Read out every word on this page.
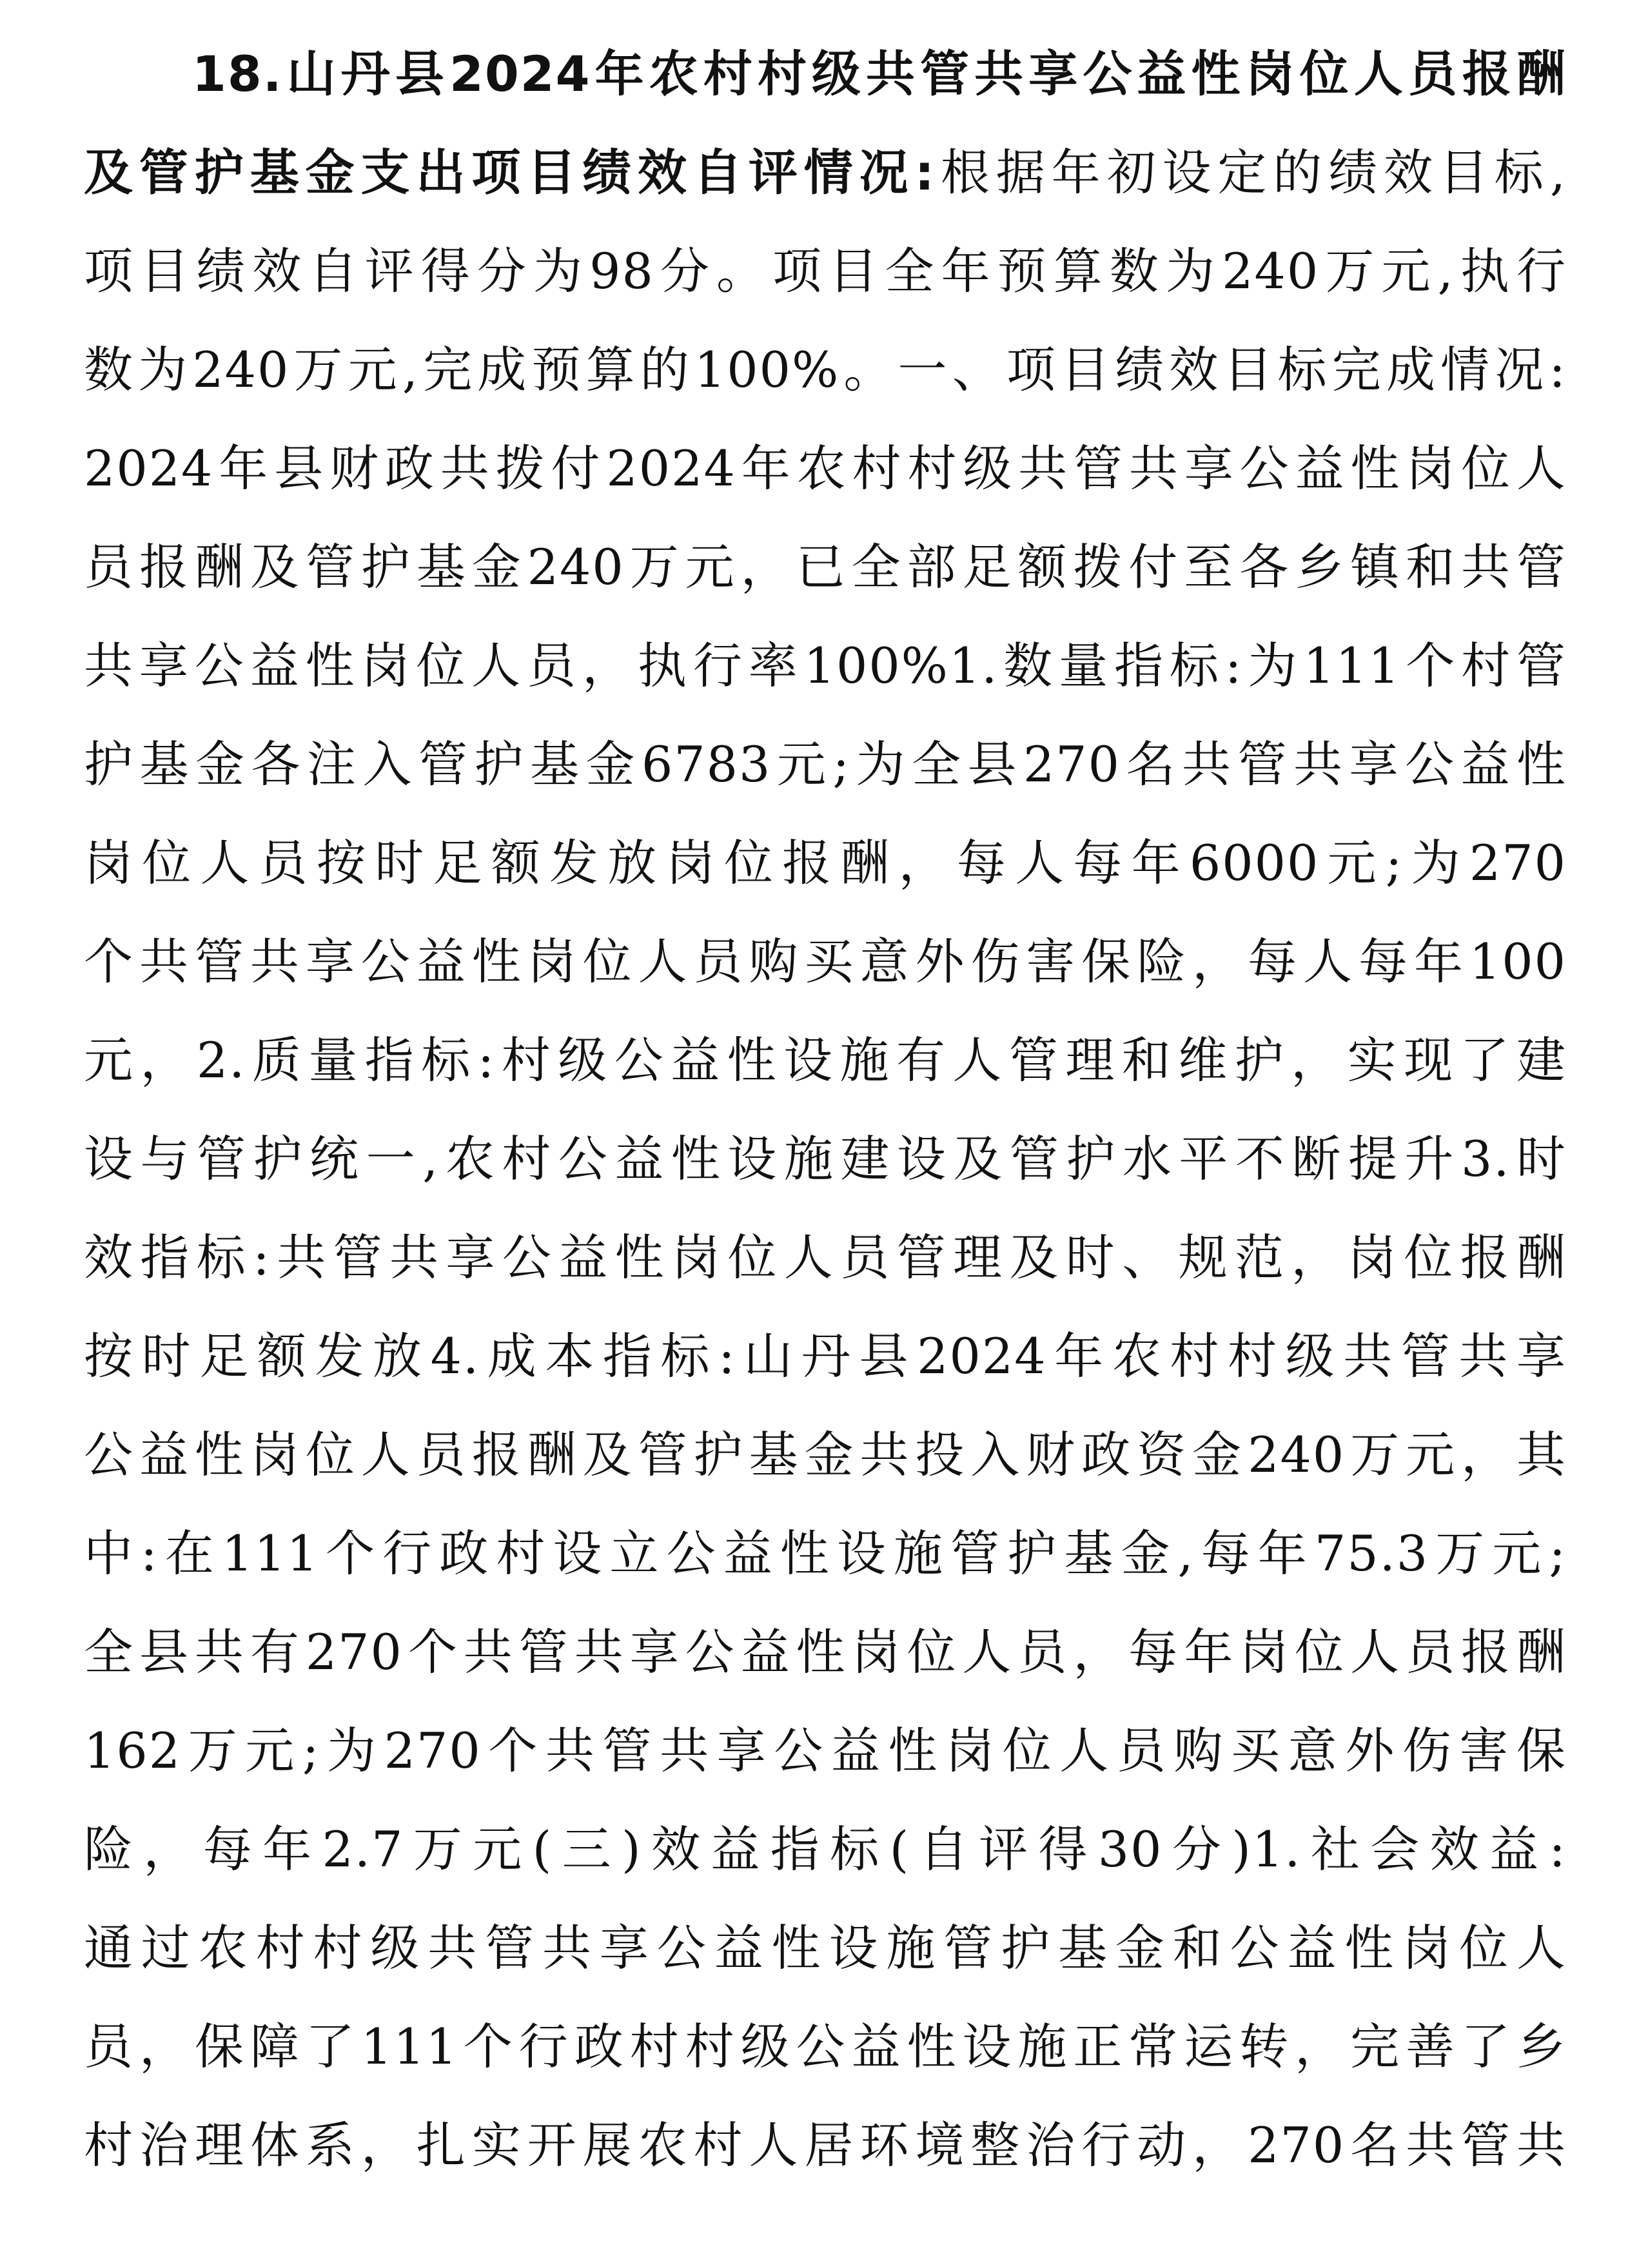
18.山丹县2024年农村村级共管共享公益性岗位人员报酬
及管护基金支出项目绩效自评情况:根据年初设定的绩效目标,
项目绩效自评得分为98分。项目全年预算数为240万元,执行
数为240万元,完成预算的100%。一、项目绩效目标完成情况:
2024年县财政共拨付2024年农村村级共管共享公益性岗位人
员报酬及管护基金240万元，已全部足额拨付至各乡镇和共管
共享公益性岗位人员，执行率100%1.数量指标:为111个村管
护基金各注入管护基金6783元;为全县270名共管共享公益性
岗位人员按时足额发放岗位报酬，每人每年6000元;为270
个共管共享公益性岗位人员购买意外伤害保险，每人每年100
元，2.质量指标:村级公益性设施有人管理和维护，实现了建
设与管护统一,农村公益性设施建设及管护水平不断提升3.时
效指标:共管共享公益性岗位人员管理及时、规范，岗位报酬
按时足额发放4.成本指标:山丹县2024年农村村级共管共享
公益性岗位人员报酬及管护基金共投入财政资金240万元，其
中:在111个行政村设立公益性设施管护基金,每年75.3万元;
全县共有270个共管共享公益性岗位人员，每年岗位人员报酬
162万元;为270个共管共享公益性岗位人员购买意外伤害保
险，每年2.7万元(三)效益指标(自评得30分)1.社会效益:
通过农村村级共管共享公益性设施管护基金和公益性岗位人
员，保障了111个行政村村级公益性设施正常运转，完善了乡
村治理体系，扎实开展农村人居环境整治行动，270名共管共
